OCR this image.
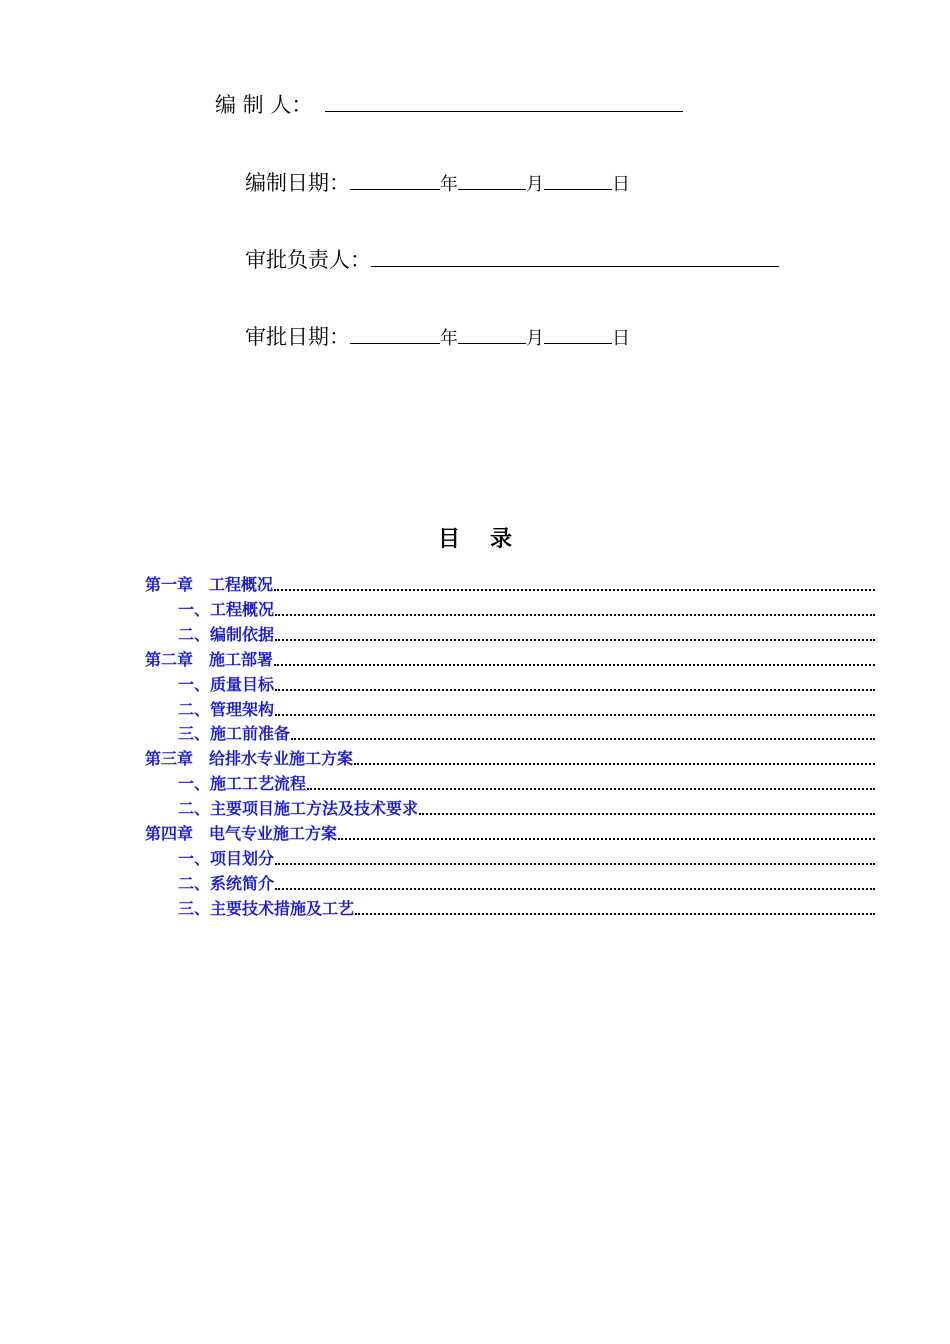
编 制 人：
编制日期：	年	月	日
审批负责人：
审批日期：	年	月	日
目录
第一章　工程概况
一、工程概况
二、编制依据
第二章　施工部署
一、质量目标
二、管理架构
三、施工前准备
第三章　给排水专业施工方案
一、施工工艺流程
二、主要项目施工方法及技术要求
第四章　电气专业施工方案
一、项目划分
二、系统简介
三、主要技术措施及工艺
